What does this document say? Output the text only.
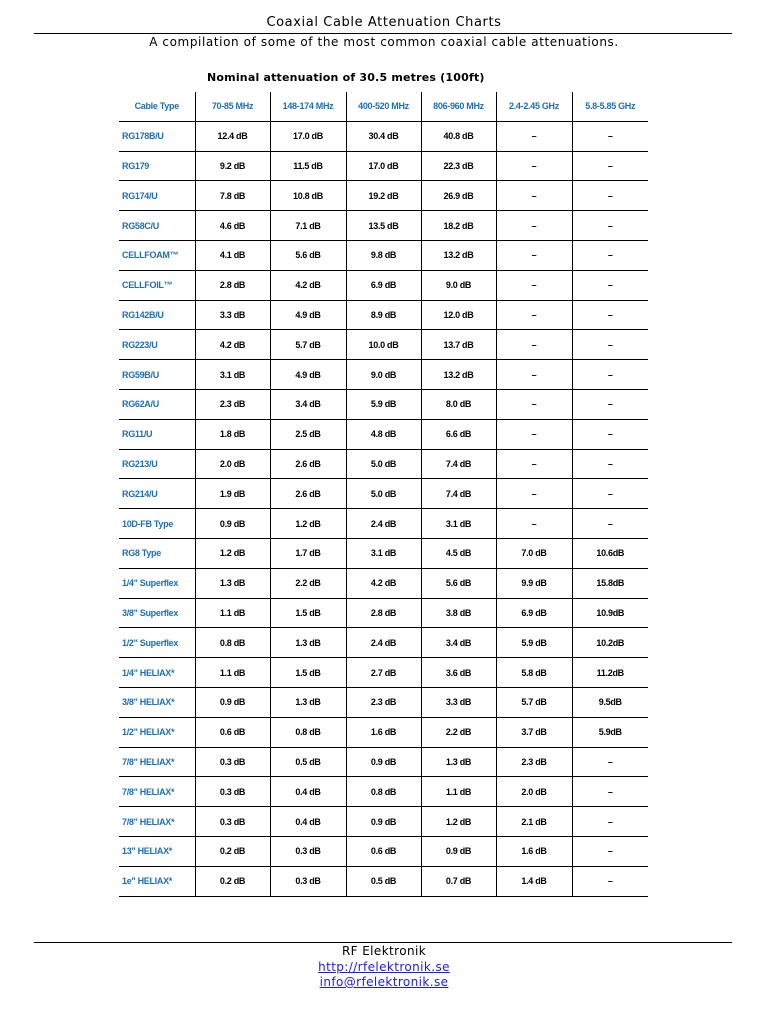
Coaxial Cable Attenuation Charts
A compilation of some of the most common coaxial cable attenuations.
Nominal attenuation of 30.5 metres (100ft)
Cable Type	70-85 MHz	148-174 MHz	400-520 MHz	806-960 MHz	2.4-2.45 GHz	5.8-5.85 GHz
RG178B/U	12.4 dB	17.0 dB	30.4 dB	40.8 dB	–	–
RG179	9.2 dB	11.5 dB	17.0 dB	22.3 dB	–	–
RG174/U	7.8 dB	10.8 dB	19.2 dB	26.9 dB	–	–
RG58C/U	4.6 dB	7.1 dB	13.5 dB	18.2 dB	–	–
CELLFOAM™	4.1 dB	5.6 dB	9.8 dB	13.2 dB	–	–
CELLFOIL™	2.8 dB	4.2 dB	6.9 dB	9.0 dB	–	–
RG142B/U	3.3 dB	4.9 dB	8.9 dB	12.0 dB	–	–
RG223/U	4.2 dB	5.7 dB	10.0 dB	13.7 dB	–	–
RG59B/U	3.1 dB	4.9 dB	9.0 dB	13.2 dB	–	–
RG62A/U	2.3 dB	3.4 dB	5.9 dB	8.0 dB	–	–
RG11/U	1.8 dB	2.5 dB	4.8 dB	6.6 dB	–	–
RG213/U	2.0 dB	2.6 dB	5.0 dB	7.4 dB	–	–
RG214/U	1.9 dB	2.6 dB	5.0 dB	7.4 dB	–	–
10D-FB Type	0.9 dB	1.2 dB	2.4 dB	3.1 dB	–	–
RG8 Type	1.2 dB	1.7 dB	3.1 dB	4.5 dB	7.0 dB	10.6dB
1/4" Superflex	1.3 dB	2.2 dB	4.2 dB	5.6 dB	9.9 dB	15.8dB
3/8" Superflex	1.1 dB	1.5 dB	2.8 dB	3.8 dB	6.9 dB	10.9dB
1/2" Superflex	0.8 dB	1.3 dB	2.4 dB	3.4 dB	5.9 dB	10.2dB
1/4" HELIAX*	1.1 dB	1.5 dB	2.7 dB	3.6 dB	5.8 dB	11.2dB
3/8" HELIAX*	0.9 dB	1.3 dB	2.3 dB	3.3 dB	5.7 dB	9.5dB
1/2" HELIAX*	0.6 dB	0.8 dB	1.6 dB	2.2 dB	3.7 dB	5.9dB
7/8" HELIAX*	0.3 dB	0.5 dB	0.9 dB	1.3 dB	2.3 dB	–
7/8" HELIAX*	0.3 dB	0.4 dB	0.8 dB	1.1 dB	2.0 dB	–
7/8" HELIAX*	0.3 dB	0.4 dB	0.9 dB	1.2 dB	2.1 dB	–
13" HELIAX*	0.2 dB	0.3 dB	0.6 dB	0.9 dB	1.6 dB	–
1e" HELIAX*	0.2 dB	0.3 dB	0.5 dB	0.7 dB	1.4 dB	–
RF Elektronik
http://rfelektronik.se
info@rfelektronik.se
